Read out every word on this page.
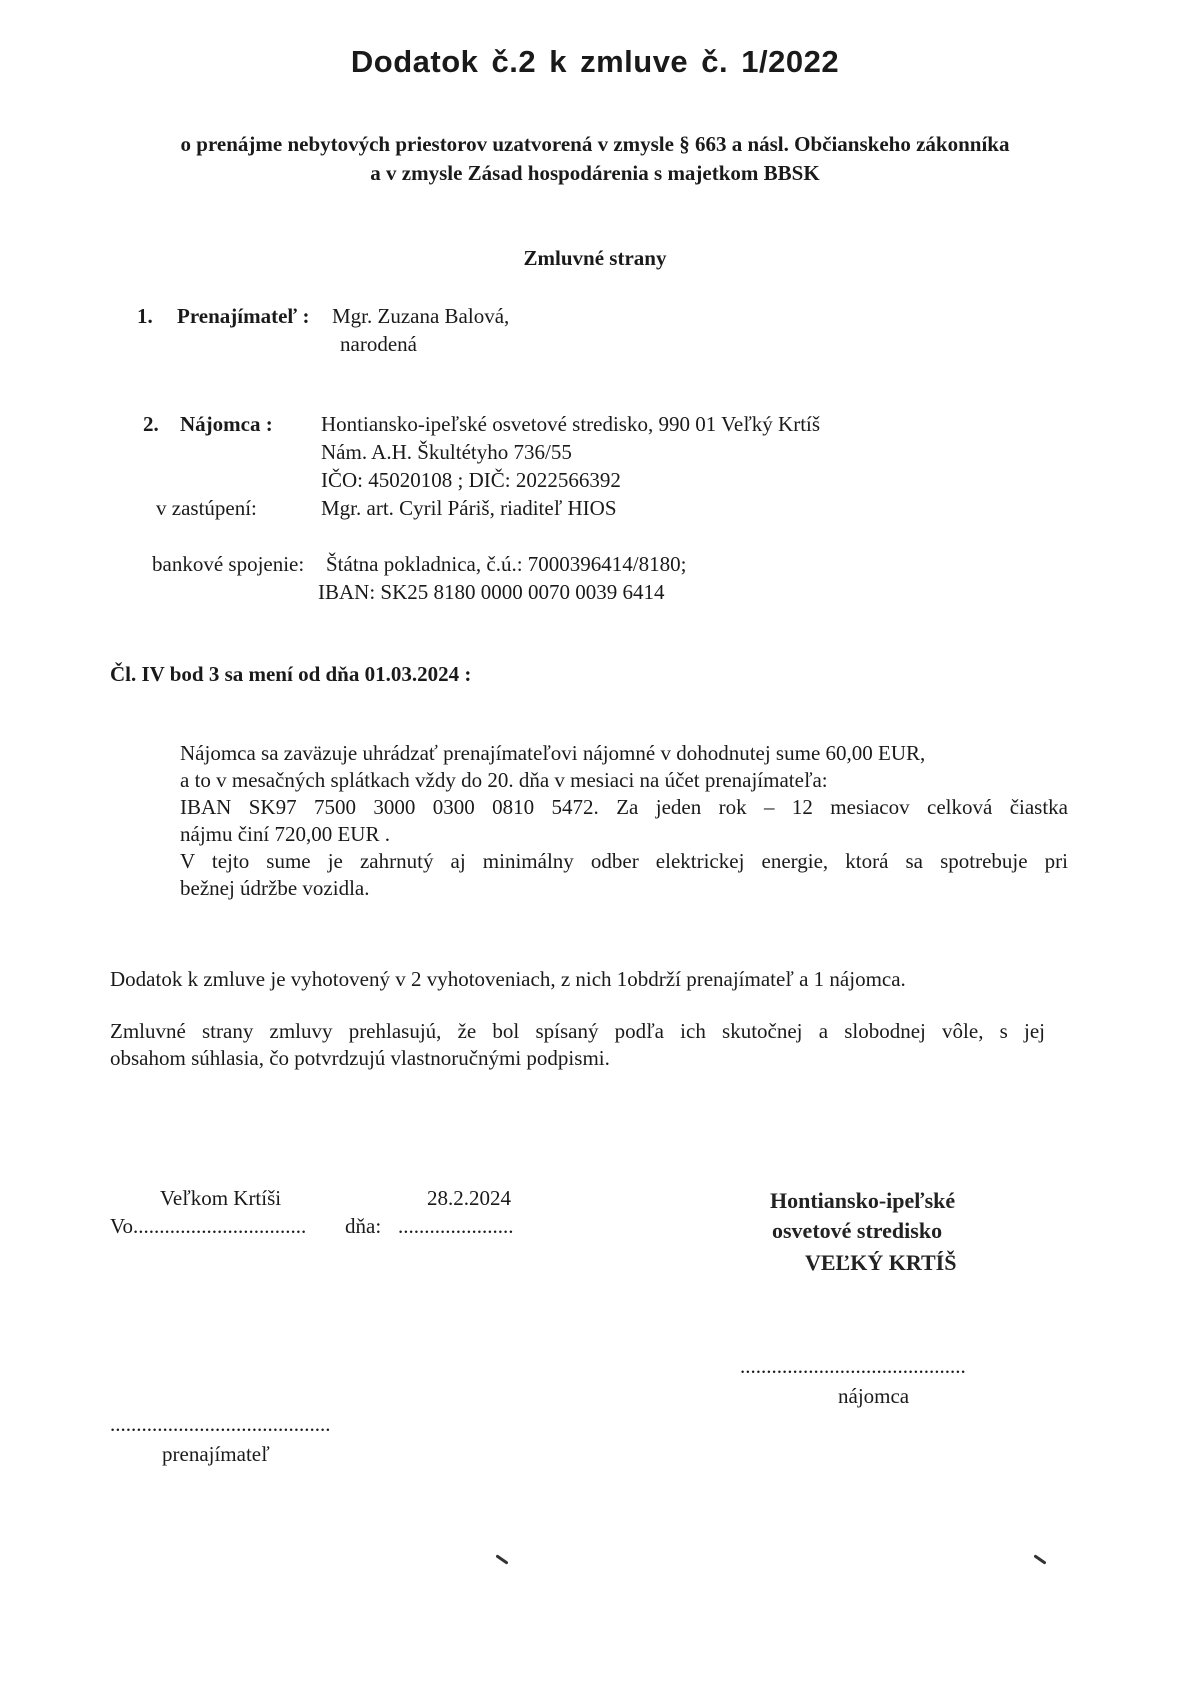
Dodatok č.2 k zmluve č. 1/2022
o prenájme nebytových priestorov uzatvorená v zmysle § 663 a násl. Občianskeho zákonníka
a v zmysle Zásad hospodárenia s majetkom BBSK
Zmluvné strany
1. Prenajímateľ : Mgr. Zuzana Balová,
narodená
2. Nájomca : Hontiansko-ipeľské osvetové stredisko, 990 01 Veľký Krtíš
Nám. A.H. Škultétyho 736/55
IČO: 45020108 ; DIČ: 2022566392
v zastúpení:	Mgr. art. Cyril Páriš, riaditeľ HIOS
bankové spojenie: Štátna pokladnica, č.ú.: 7000396414/8180;
IBAN: SK25 8180 0000 0070 0039 6414
Čl. IV bod 3 sa mení od dňa 01.03.2024 :
Nájomca sa zaväzuje uhrádzať prenajímateľovi nájomné v dohodnutej sume 60,00 EUR,
a to v mesačných splátkach vždy do 20. dňa v mesiaci na účet prenajímateľa:
IBAN SK97 7500 3000 0300 0810 5472. Za jeden rok – 12 mesiacov celková čiastka
nájmu činí 720,00 EUR .
V tejto sume je zahrnutý aj minimálny odber elektrickej energie, ktorá sa spotrebuje pri
bežnej údržbe vozidla.
Dodatok k zmluve je vyhotovený v 2 vyhotoveniach, z nich 1obdrží prenajímateľ a 1 nájomca.
Zmluvné strany zmluvy prehlasujú, že bol spísaný podľa ich skutočnej a slobodnej vôle, s jej
obsahom súhlasia, čo potvrdzujú vlastnoručnými podpismi.
Veľkom Krtíši	28.2.2024
Vo................................. dňa: ......................
Hontiansko-ipeľské
osvetové stredisko
VEĽKÝ KRTÍŠ
...........................................
nájomca
..........................................
prenajímateľ
